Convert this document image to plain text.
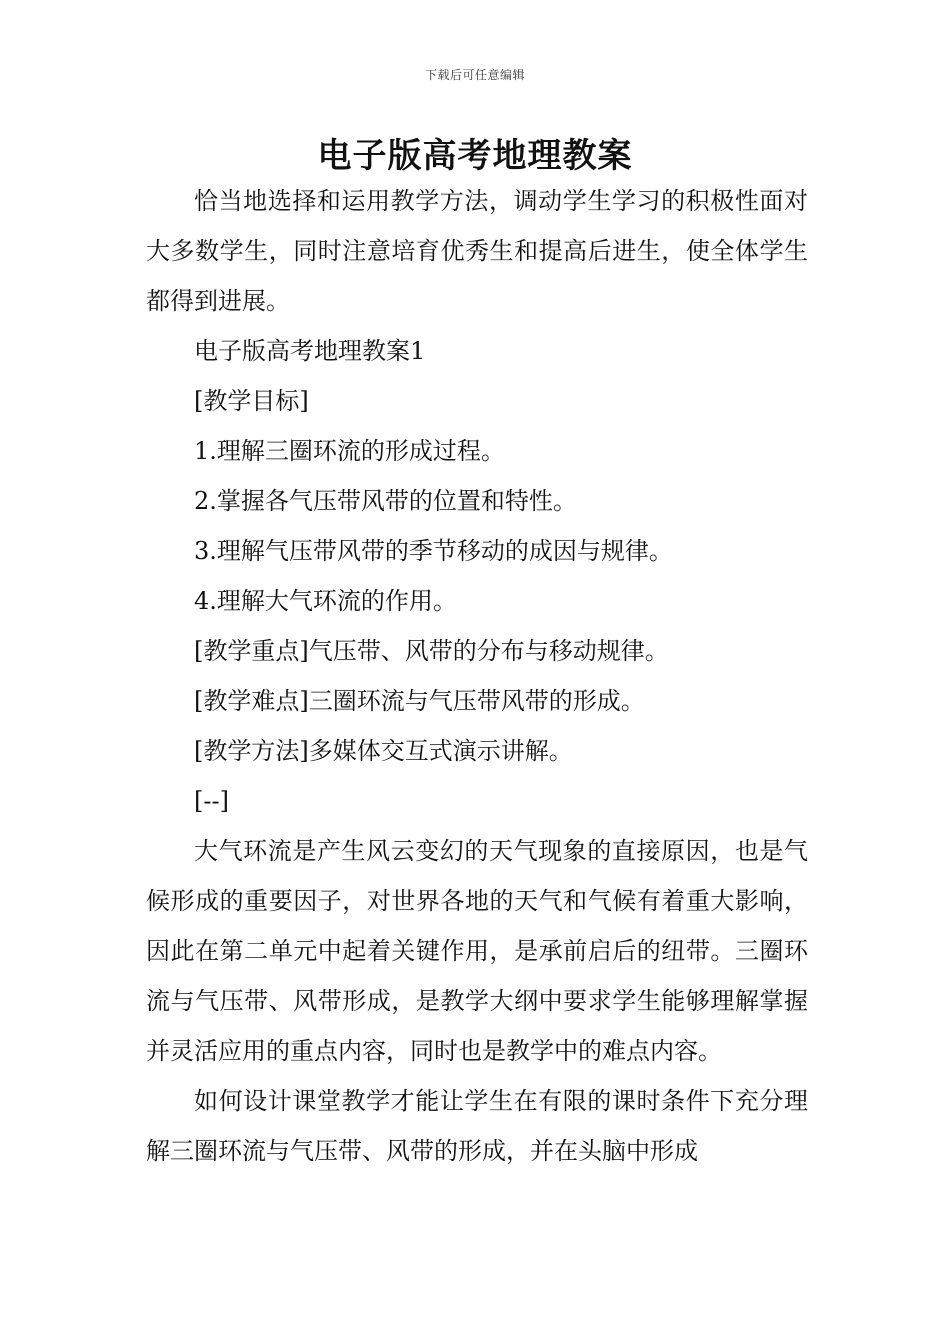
下载后可任意编辑
电子版高考地理教案

恰当地选择和运用教学方法，调动学生学习的积极性面对大多数学生，同时注意培育优秀生和提高后进生，使全体学生都得到进展。

电子版高考地理教案1

[教学目标]

1.理解三圈环流的形成过程。

2.掌握各气压带风带的位置和特性。

3.理解气压带风带的季节移动的成因与规律。

4.理解大气环流的作用。

[教学重点]气压带、风带的分布与移动规律。

[教学难点]三圈环流与气压带风带的形成。

[教学方法]多媒体交互式演示讲解。

[--]

大气环流是产生风云变幻的天气现象的直接原因，也是气候形成的重要因子，对世界各地的天气和气候有着重大影响，因此在第二单元中起着关键作用，是承前启后的纽带。三圈环流与气压带、风带形成，是教学大纲中要求学生能够理解掌握并灵活应用的重点内容，同时也是教学中的难点内容。

如何设计课堂教学才能让学生在有限的课时条件下充分理解三圈环流与气压带、风带的形成，并在头脑中形成
